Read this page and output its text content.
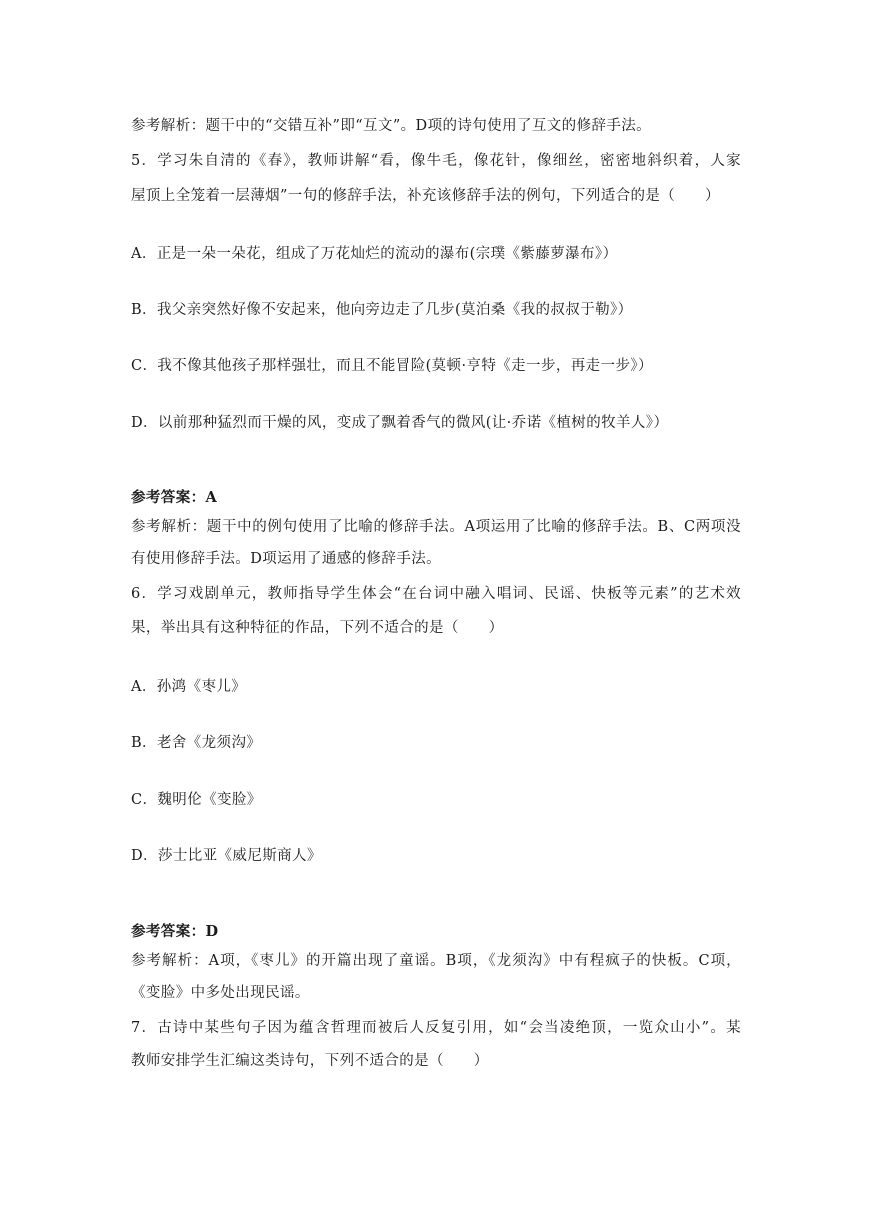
参考解析：题干中的“交错互补”即“互文”。D项的诗句使用了互文的修辞手法。
5．学习朱自清的《春》，教师讲解“看，像牛毛，像花针，像细丝，密密地斜织着，人家
屋顶上全笼着一层薄烟”一句的修辞手法，补充该修辞手法的例句，下列适合的是（　　）
A．正是一朵一朵花，组成了万花灿烂的流动的瀑布(宗璞《紫藤萝瀑布》）
B．我父亲突然好像不安起来，他向旁边走了几步(莫泊桑《我的叔叔于勒》）
C．我不像其他孩子那样强壮，而且不能冒险(莫顿·亨特《走一步，再走一步》）
D．以前那种猛烈而干燥的风，变成了飘着香气的微风(让·乔诺《植树的牧羊人》）
参考答案：A
参考解析：题干中的例句使用了比喻的修辞手法。A项运用了比喻的修辞手法。B、C两项没
有使用修辞手法。D项运用了通感的修辞手法。
6．学习戏剧单元，教师指导学生体会“在台词中融入唱词、民谣、快板等元素”的艺术效
果，举出具有这种特征的作品，下列不适合的是（　　）
A．孙鸿《枣儿》
B．老舍《龙须沟》
C．魏明伦《变脸》
D．莎士比亚《威尼斯商人》
参考答案：D
参考解析：A项，《枣儿》的开篇出现了童谣。B项，《龙须沟》中有程疯子的快板。C项，
《变脸》中多处出现民谣。
7．古诗中某些句子因为蕴含哲理而被后人反复引用，如“会当凌绝顶，一览众山小”。某
教师安排学生汇编这类诗句，下列不适合的是（　　）
